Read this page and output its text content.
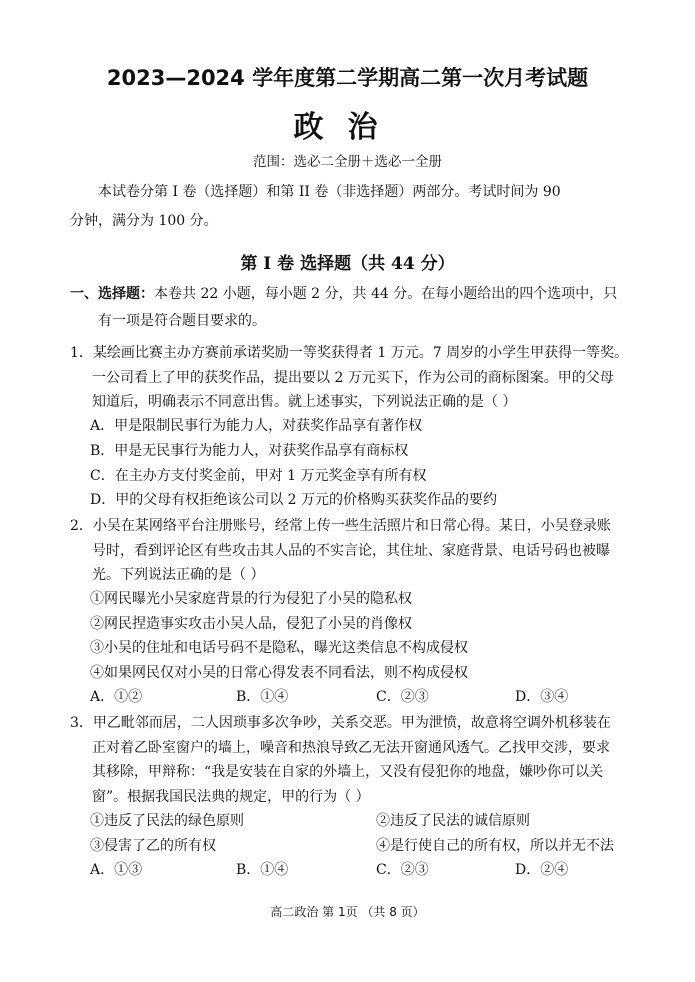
2023—2024 学年度第二学期高二第一次月考试题
政治
范围：选必二全册＋选必一全册
本试卷分第 I 卷（选择题）和第 II 卷（非选择题）两部分。考试时间为 90
分钟，满分为 100 分。
第 I 卷 选择题（共 44 分）
一、选择题：本卷共 22 小题，每小题 2 分，共 44 分。在每小题给出的四个选项中，只
有一项是符合题目要求的。
1．某绘画比赛主办方赛前承诺奖励一等奖获得者 1 万元。7 周岁的小学生甲获得一等奖。
一公司看上了甲的获奖作品，提出要以 2 万元买下，作为公司的商标图案。甲的父母
知道后，明确表示不同意出售。就上述事实，下列说法正确的是（ ）
A．甲是限制民事行为能力人，对获奖作品享有著作权
B．甲是无民事行为能力人，对获奖作品享有商标权
C．在主办方支付奖金前，甲对 1 万元奖金享有所有权
D．甲的父母有权拒绝该公司以 2 万元的价格购买获奖作品的要约
2．小吴在某网络平台注册账号，经常上传一些生活照片和日常心得。某日，小吴登录账
号时，看到评论区有些攻击其人品的不实言论，其住址、家庭背景、电话号码也被曝
光。下列说法正确的是（ ）
①网民曝光小吴家庭背景的行为侵犯了小吴的隐私权
②网民捏造事实攻击小吴人品，侵犯了小吴的肖像权
③小吴的住址和电话号码不是隐私，曝光这类信息不构成侵权
④如果网民仅对小吴的日常心得发表不同看法，则不构成侵权
A．①②	B．①④	C．②③	D．③④
3．甲乙毗邻而居，二人因琐事多次争吵，关系交恶。甲为泄愤，故意将空调外机移装在
正对着乙卧室窗户的墙上，噪音和热浪导致乙无法开窗通风透气。乙找甲交涉，要求
其移除，甲辩称：“我是安装在自家的外墙上，又没有侵犯你的地盘，嫌吵你可以关
窗”。根据我国民法典的规定，甲的行为（ ）
①违反了民法的绿色原则	②违反了民法的诚信原则
③侵害了乙的所有权	④是行使自己的所有权，所以并无不法
A．①③	B．①④	C．②③	D．②④
高二政治 第 1页 （共 8 页）
